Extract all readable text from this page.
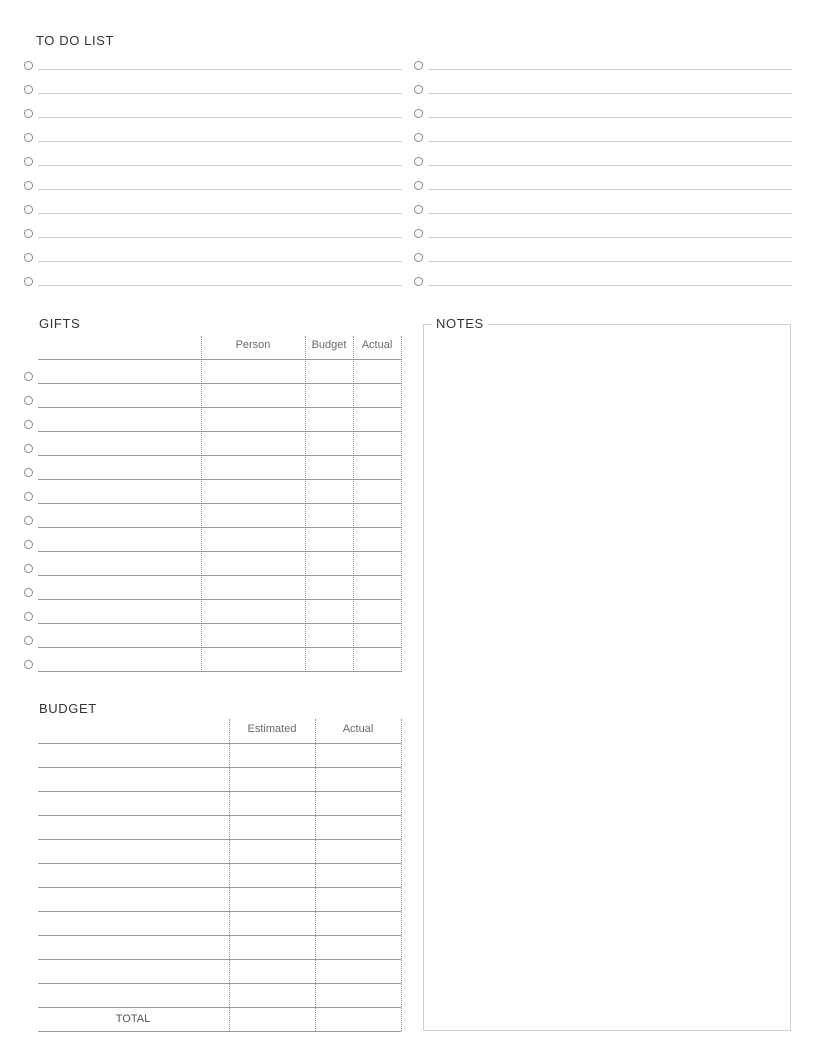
TO DO LIST
GIFTS
Person	Budget	Actual
BUDGET
Estimated	Actual
TOTAL
NOTES
